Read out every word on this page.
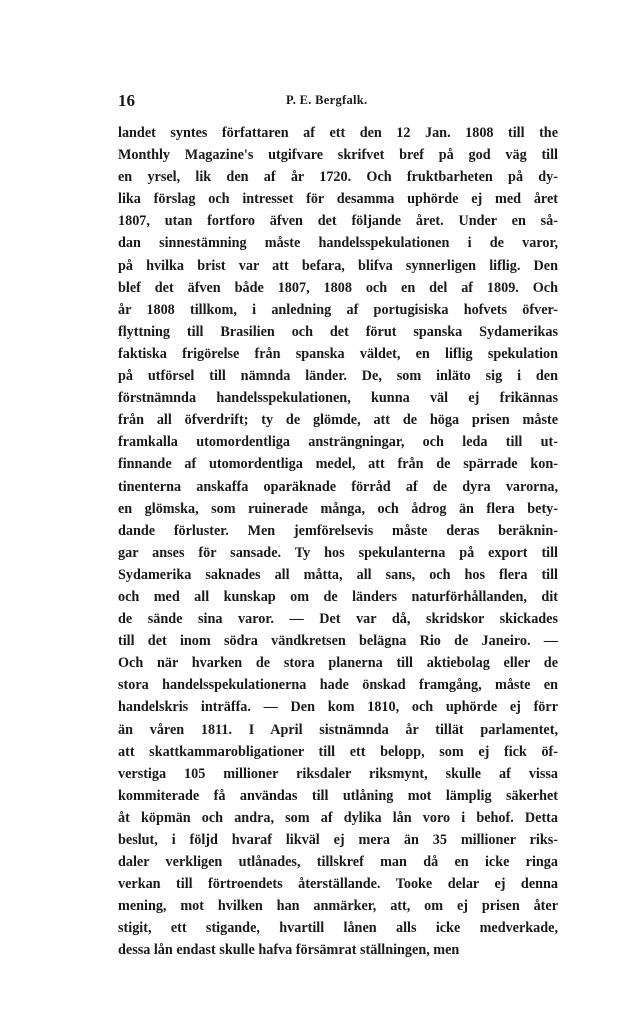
16	P. E. Bergfalk.
landet syntes författaren af ett den 12 Jan. 1808 till the
Monthly Magazine's utgifvare skrifvet bref på god väg till
en yrsel, lik den af år 1720. Och fruktbarheten på dy-
lika förslag och intresset för desamma uphörde ej med året
1807, utan fortforo äfven det följande året. Under en så-
dan sinnestämning måste handelsspekulationen i de varor,
på hvilka brist var att befara, blifva synnerligen liflig. Den
blef det äfven både 1807, 1808 och en del af 1809. Och
år 1808 tillkom, i anledning af portugisiska hofvets öfver-
flyttning till Brasilien och det förut spanska Sydamerikas
faktiska frigörelse från spanska väldet, en liflig spekulation
på utförsel till nämnda länder. De, som inläto sig i den
förstnämnda handelsspekulationen, kunna väl ej frikännas
från all öfverdrift; ty de glömde, att de höga prisen måste
framkalla utomordentliga ansträngningar, och leda till ut-
finnande af utomordentliga medel, att från de spärrade kon-
tinenterna anskaffa oparäknade förråd af de dyra varorna,
en glömska, som ruinerade många, och ådrog än flera bety-
dande förluster. Men jemförelsevis måste deras beräknin-
gar anses för sansade. Ty hos spekulanterna på export till
Sydamerika saknades all måtta, all sans, och hos flera till
och med all kunskap om de länders naturförhållanden, dit
de sände sina varor. — Det var då, skridskor skickades
till det inom södra vändkretsen belägna Rio de Janeiro. —
Och när hvarken de stora planerna till aktiebolag eller de
stora handelsspekulationerna hade önskad framgång, måste en
handelskris inträffa. — Den kom 1810, och uphörde ej förr
än våren 1811. I April sistnämnda år tillät parlamentet,
att skattkammarobligationer till ett belopp, som ej fick öf-
verstiga 105 millioner riksdaler riksmynt, skulle af vissa
kommiterade få användas till utlåning mot lämplig säkerhet
åt köpmän och andra, som af dylika lån voro i behof. Detta
beslut, i följd hvaraf likväl ej mera än 35 millioner riks-
daler verkligen utlånades, tillskref man då en icke ringa
verkan till förtroendets återställande. Tooke delar ej denna
mening, mot hvilken han anmärker, att, om ej prisen åter
stigit, ett stigande, hvartill lånen alls icke medverkade,
dessa lån endast skulle hafva försämrat ställningen, men
